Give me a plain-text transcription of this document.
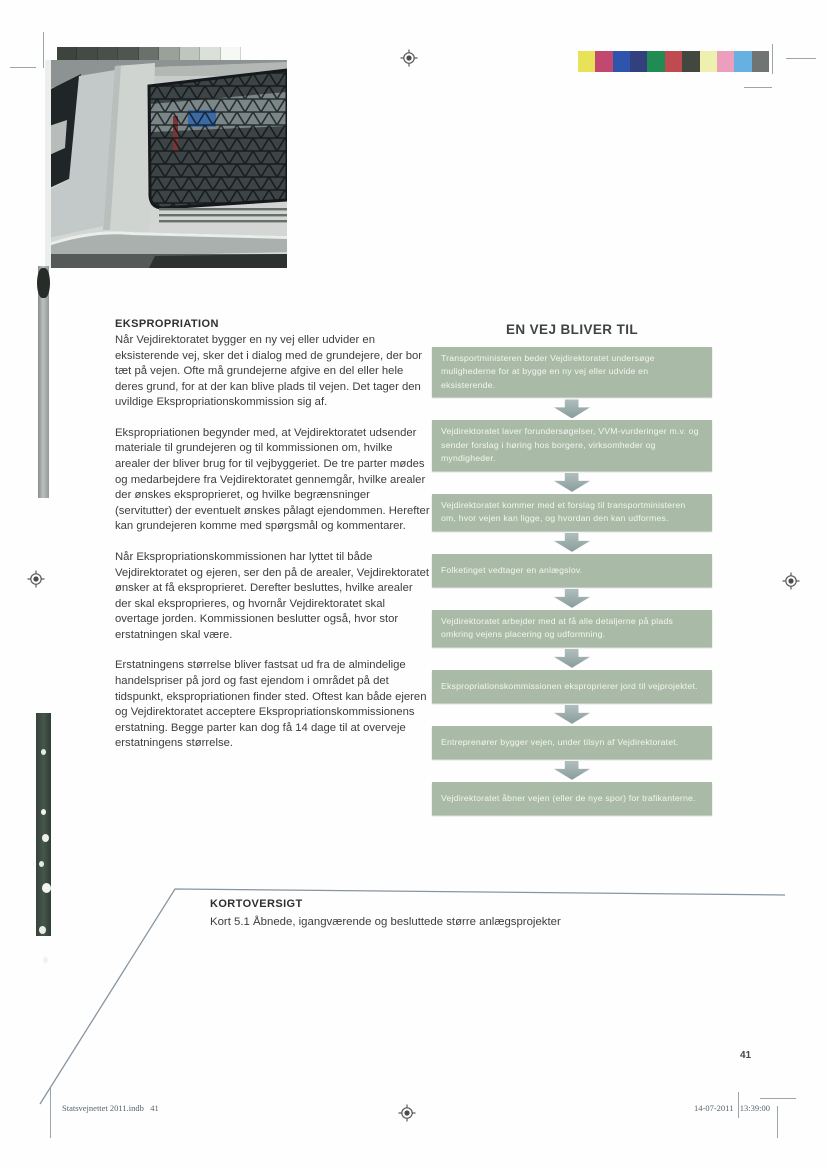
EKSPROPRIATION

Når Vejdirektoratet bygger en ny vej eller udvider en eksisterende vej, sker det i dialog med de grundejere, der bor tæt på vejen. Ofte må grundejerne afgive en del eller hele deres grund, for at der kan blive plads til vejen. Det tager den uvildige Ekspropriationskommission sig af.

Ekspropriationen begynder med, at Vejdirektoratet udsender materiale til grundejeren og til kommissionen om, hvilke arealer der bliver brug for til vejbyggeriet. De tre parter mødes og medarbejdere fra Vejdirektoratet gennemgår, hvilke arealer der ønskes eksproprieret, og hvilke begrænsninger (servitutter) der eventuelt ønskes pålagt ejendommen. Herefter kan grundejeren komme med spørgsmål og kommentarer.

Når Ekspropriationskommissionen har lyttet til både Vejdirektoratet og ejeren, ser den på de arealer, Vejdirektoratet ønsker at få eksproprieret. Derefter besluttes, hvilke arealer der skal eksproprieres, og hvornår Vejdirektoratet skal overtage jorden. Kommissionen beslutter også, hvor stor erstatningen skal være.

Erstatningens størrelse bliver fastsat ud fra de almindelige handelspriser på jord og fast ejendom i området på det tidspunkt, ekspropriationen finder sted. Oftest kan både ejeren og Vejdirektoratet acceptere Ekspropriationskommissionens erstatning. Begge parter kan dog få 14 dage til at overveje erstatningens størrelse.

EN VEJ BLIVER TIL
Transportministeren beder Vejdirektoratet undersøge mulighederne for at bygge en ny vej eller udvide en eksisterende.
Vejdirektoratet laver forundersøgelser, VVM-vurderinger m.v. og sender forslag i høring hos borgere, virksomheder og myndigheder.
Vejdirektoratet kommer med et forslag til transportministeren om, hvor vejen kan ligge, og hvordan den kan udformes.
Folketinget vedtager en anlægslov.
Vejdirektoratet arbejder med at få alle detaljerne på plads omkring vejens placering og udformning.
Ekspropriationskommissionen eksproprierer jord til vejprojektet.
Entreprenører bygger vejen, under tilsyn af Vejdirektoratet.
Vejdirektoratet åbner vejen (eller de nye spor) for trafikanterne.
KORTOVERSIGT
Kort 5.1 Åbnede, igangværende og besluttede større anlægsprojekter
41
Statsvejnettet 2011.indb   41	14-07-2011   13:39:00
